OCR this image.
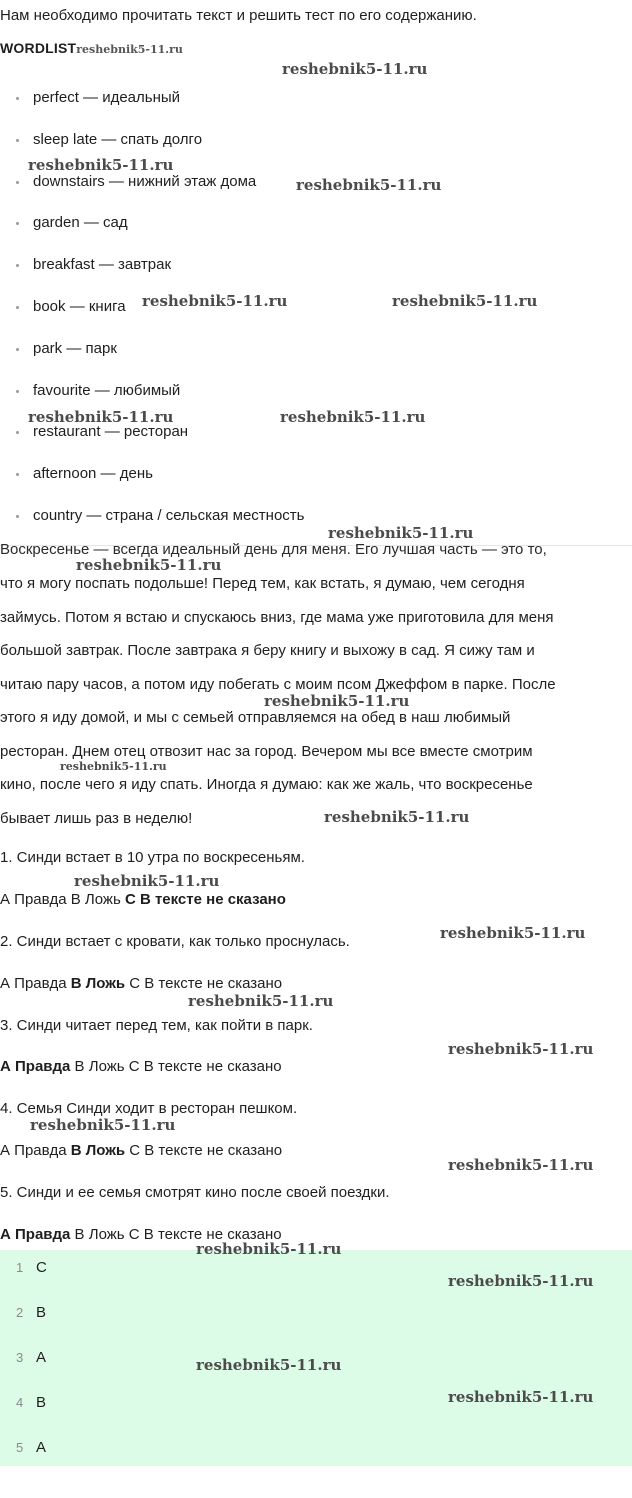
Нам необходимо прочитать текст и решить тест по его содержанию.
WORDLISTreshebnik5-11.ru
perfect — идеальный
sleep late — спать долго
downstairs — нижний этаж дома
garden — сад
breakfast — завтрак
book — книга
park — парк
favourite — любимый
restaurant — ресторан
afternoon — день
country — страна / сельская местность

Воскресенье — всегда идеальный день для меня. Его лучшая часть — это то,

что я могу поспать подольше! Перед тем, как встать, я думаю, чем сегодня

займусь. Потом я встаю и спускаюсь вниз, где мама уже приготовила для меня

большой завтрак. После завтрака я беру книгу и выхожу в сад. Я сижу там и

читаю пару часов, а потом иду побегать с моим псом Джеффом в парке. После

этого я иду домой, и мы с семьей отправляемся на обед в наш любимый

ресторан. Днем отец отвозит нас за город. Вечером мы все вместе смотрим

кино, после чего я иду спать. Иногда я думаю: как же жаль, что воскресенье

бывает лишь раз в неделю!

1. Синди встает в 10 утра по воскресеньям.
А Правда В Ложь С В тексте не сказано
2. Синди встает с кровати, как только проснулась.
А Правда В Ложь С В тексте не сказано
3. Синди читает перед тем, как пойти в парк.
А Правда В Ложь С В тексте не сказано
4. Семья Синди ходит в ресторан пешком.
А Правда В Ложь С В тексте не сказано
5. Синди и ее семья смотрят кино после своей поездки.
А Правда В Ложь С В тексте не сказано
1 С
2 В
3 А
4 В
5 А
reshebnik5-11.ru
reshebnik5-11.ru
reshebnik5-11.ru
reshebnik5-11.ru	reshebnik5-11.ru
reshebnik5-11.ru	reshebnik5-11.ru
reshebnik5-11.ru
reshebnik5-11.ru
reshebnik5-11.ru
reshebnik5-11.ru
reshebnik5-11.ru
reshebnik5-11.ru
reshebnik5-11.ru
reshebnik5-11.ru
reshebnik5-11.ru
reshebnik5-11.ru
reshebnik5-11.ru
reshebnik5-11.ru
reshebnik5-11.ru
reshebnik5-11.ru
reshebnik5-11.ru
